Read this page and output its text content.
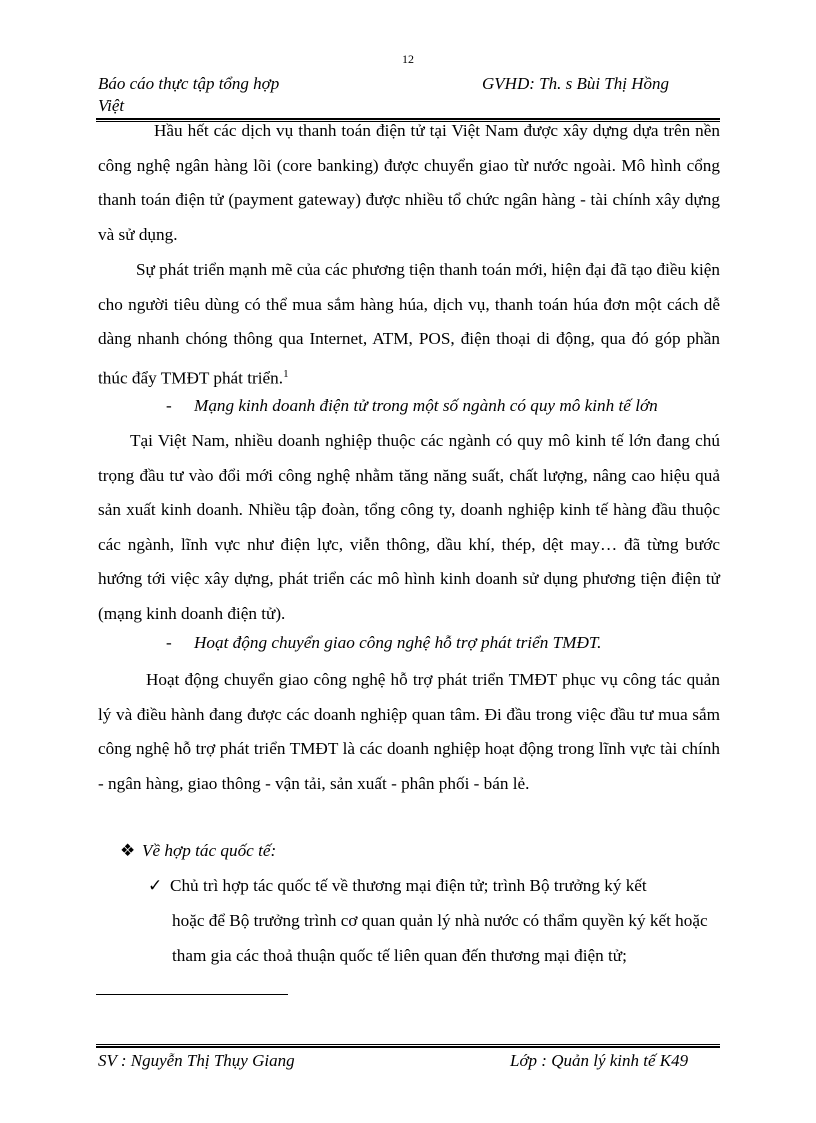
12
Báo cáo thực tập tổng hợp	GVHD: Th. s Bùi Thị Hồng
Việt

Hầu hết các dịch vụ thanh toán điện tử tại Việt Nam được xây dựng dựa trên nền công nghệ ngân hàng lõi (core banking) được chuyển giao từ nước ngoài. Mô hình cổng thanh toán điện tử (payment gateway) được nhiều tổ chức ngân hàng - tài chính xây dựng và sử dụng.

Sự phát triển mạnh mẽ của các phương tiện thanh toán mới, hiện đại đã tạo điều kiện cho người tiêu dùng có thể mua sắm hàng húa, dịch vụ, thanh toán húa đơn một cách dễ dàng nhanh chóng thông qua Internet, ATM, POS, điện thoại di động, qua đó góp phần thúc đẩy TMĐT phát triển.$^1$

- Mạng kinh doanh điện tử trong một số ngành có quy mô kinh tế lớn

Tại Việt Nam, nhiều doanh nghiệp thuộc các ngành có quy mô kinh tế lớn đang chú trọng đầu tư vào đổi mới công nghệ nhằm tăng năng suất, chất lượng, nâng cao hiệu quả sản xuất kinh doanh. Nhiều tập đoàn, tổng công ty, doanh nghiệp kinh tế hàng đầu thuộc các ngành, lĩnh vực như điện lực, viễn thông, dầu khí, thép, dệt may… đã từng bước hướng tới việc xây dựng, phát triển các mô hình kinh doanh sử dụng phương tiện điện tử (mạng kinh doanh điện tử).

- Hoạt động chuyển giao công nghệ hỗ trợ phát triển TMĐT.

Hoạt động chuyển giao công nghệ hỗ trợ phát triển TMĐT phục vụ công tác quản lý và điều hành đang được các doanh nghiệp quan tâm. Đi đầu trong việc đầu tư mua sắm công nghệ hỗ trợ phát triển TMĐT là các doanh nghiệp hoạt động trong lĩnh vực tài chính - ngân hàng, giao thông - vận tải, sản xuất - phân phối - bán lẻ.

❖ Về hợp tác quốc tế:
✓ Chủ trì hợp tác quốc tế về thương mại điện tử; trình Bộ trưởng ký kết

hoặc để Bộ trưởng trình cơ quan quản lý nhà nước có thẩm quyền ký kết hoặc tham gia các thoả thuận quốc tế liên quan đến thương mại điện tử;

SV : Nguyễn Thị Thụy Giang	Lớp : Quản lý kinh tế K49
